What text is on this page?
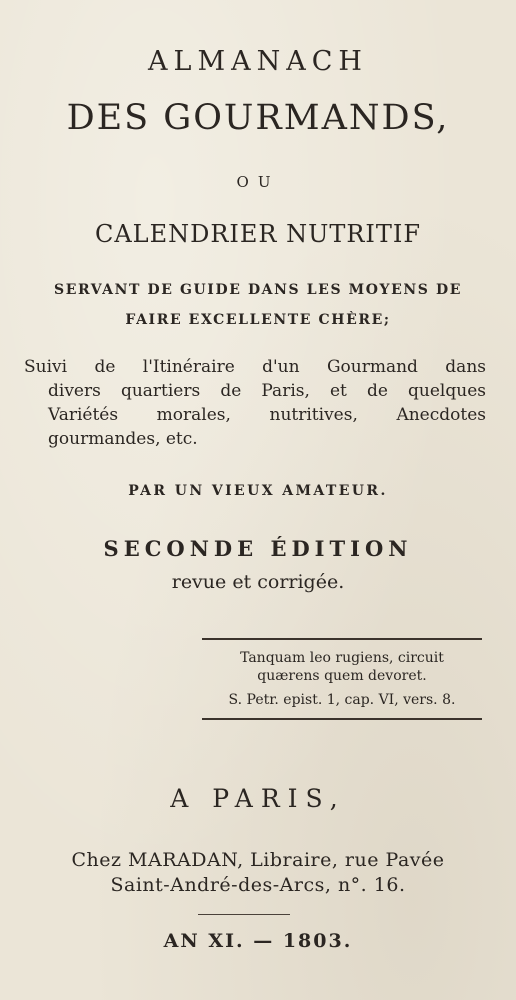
ALMANACH
DES GOURMANDS,
OU
CALENDRIER NUTRITIF
SERVANT DE GUIDE DANS LES MOYENS DE
FAIRE EXCELLENTE CHÈRE;
Suivi de l'Itinéraire d'un Gourmand dans
divers quartiers de Paris, et de quelques
Variétés morales, nutritives, Anecdotes
gourmandes, etc.
PAR UN VIEUX AMATEUR.
SECONDE ÉDITION
revue et corrigée.
Tanquam leo rugiens, circuit
quærens quem devoret.
S. Petr. epist. 1, cap. VI, vers. 8.
A PARIS,
Chez MARADAN, Libraire, rue Pavée
Saint-André-des-Arcs, n°. 16.
AN XI. — 1803.
